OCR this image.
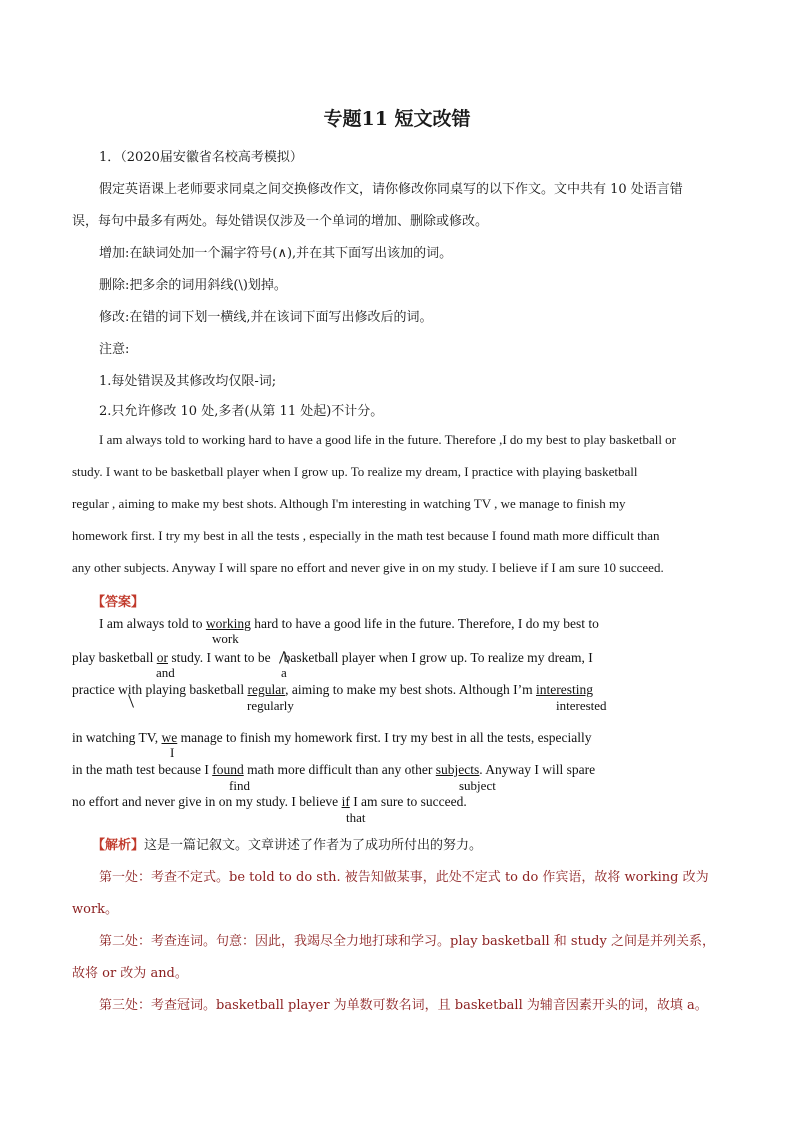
专题11 短文改错
1．（2020届安徽省名校高考模拟）
假定英语课上老师要求同桌之间交换修改作文，请你修改你同桌写的以下作文。文中共有 10 处语言错
误，每句中最多有两处。每处错误仅涉及一个单词的增加、删除或修改。
增加:在缺词处加一个漏字符号(∧),并在其下面写出该加的词。
删除:把多余的词用斜线(\)划掉。
修改:在错的词下划一横线,并在该词下面写出修改后的词。
注意:
1.每处错误及其修改均仅限-词;
2.只允许修改 10 处,多者(从第 11 处起)不计分。
I am always told to working hard to have a good life in the future. Therefore ,I do my best to play basketball or
study. I want to be basketball player when I grow up. To realize my dream, I practice with playing basketball
regular , aiming to make my best shots. Although I'm interesting in watching TV , we manage to finish my
homework first. I try my best in all the tests , especially in the math test because I found math more difficult than
any other subjects. Anyway I will spare no effort and never give in on my study. I believe if I am sure 10 succeed.
【答案】
I am always told to working hard to have a good life in the future. Therefore, I do my best to
work
play basketball or study. I want to be basketball player when I grow up. To realize my dream, I
and	a
practice with playing basketball regular, aiming to make my best shots. Although I’m interesting
regularly	interested
in watching TV, we manage to finish my homework first. I try my best in all the tests, especially
I
in the math test because I found math more difficult than any other subjects. Anyway I will spare
find	subject
no effort and never give in on my study. I believe if I am sure to succeed.
that
【解析】这是一篇记叙文。文章讲述了作者为了成功所付出的努力。
第一处：考查不定式。be told to do sth. 被告知做某事，此处不定式 to do 作宾语，故将 working 改为
work。
第二处：考查连词。句意：因此，我竭尽全力地打球和学习。play basketball 和 study 之间是并列关系，
故将 or 改为 and。
第三处：考查冠词。basketball player 为单数可数名词，且 basketball 为辅音因素开头的词，故填 a。
